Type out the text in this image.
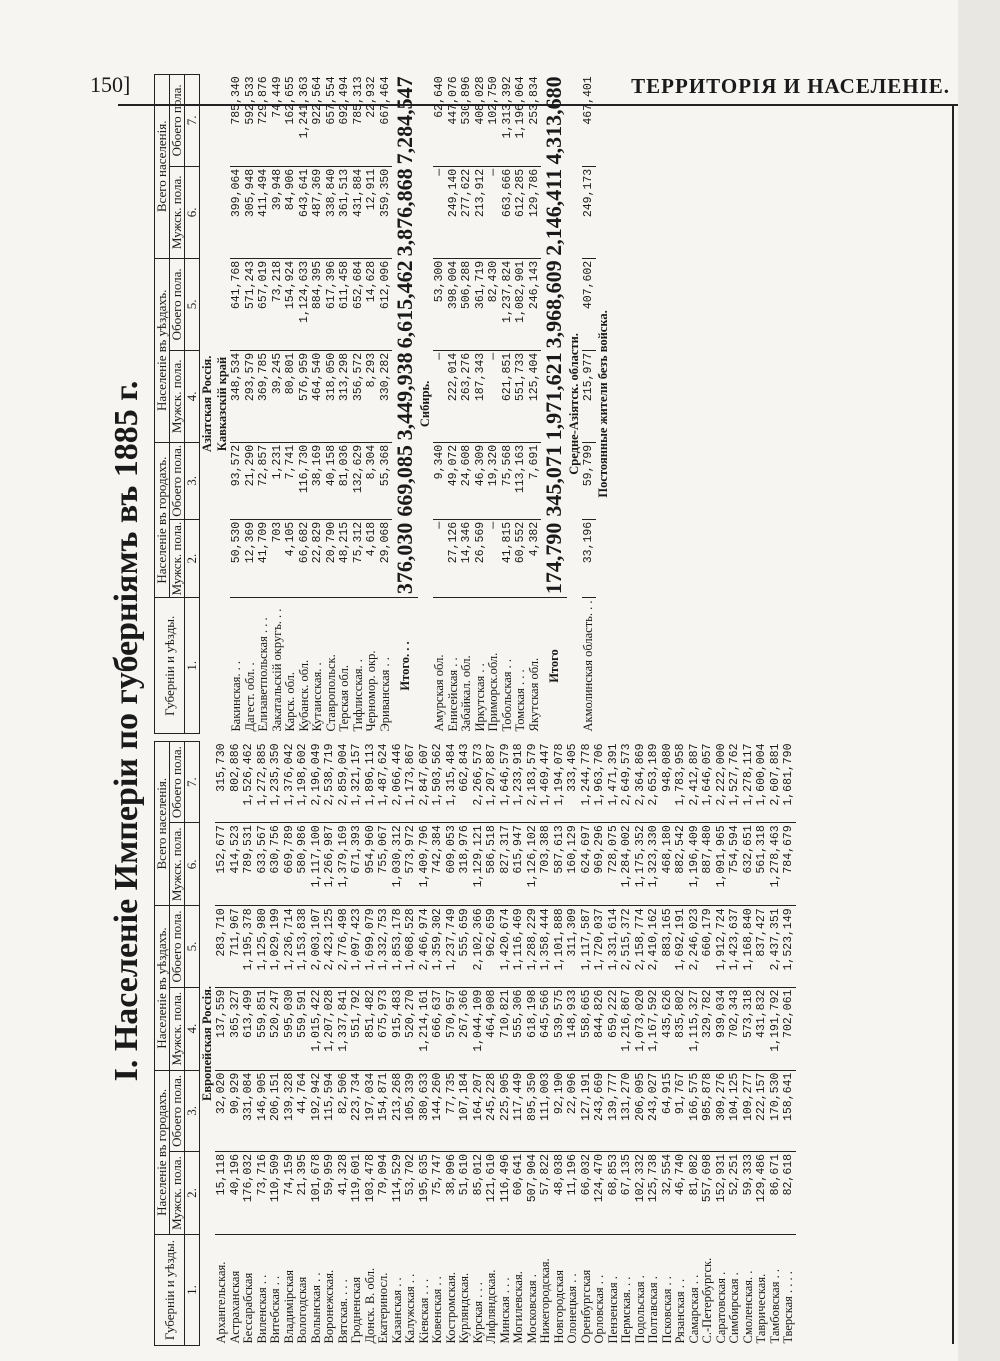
150]	ТЕРРИТОРІЯ И НАСЕЛЕНІЕ.
I. Населеніе Имперіи по губерніямъ въ 1885 г.
Губерніи и уѣзды.	Населеніе въ городахъ.		Населеніе въ уѣздахъ.		Всего населенія.	
	Мужск. пола.	Обоего пола.	Мужск. пола.	Обоего пола.	Мужск. пола.	Обоего пола.
1.	2.	3.	4.	5.	6.	7.
Европейская Россія.						
Архангельская.	15,118	32,020	137,559	283,710	152,677	315,730
Астраханская	40,196	90,929	365,327	711,967	414,523	802,886
Бессарабская	176,032	331,084	613,499	1,195,378	789,531	1,526,462
Виленская . .	73,716	146,905	559,851	1,125,980	633,567	1,272,885
Витебская . .	110,509	206,151	520,247	1,029,199	630,756	1,235,350
Владимірская	74,159	139,328	595,030	1,236,714	669,789	1,376,042
Вологодская	21,395	44,764	559,591	1,153,838	580,986	1,198,602
Волынская . .	101,678	192,942	1,015,422	2,003,107	1,117,100	2,196,049
Воронежская.	59,959	115,594	1,207,028	2,423,125	1,266,987	2,538,719
Вятская. . . .	41,328	82,506	1,337,841	2,776,498	1,379,169	2,859,004
Гродненская	119,601	223,734	551,792	1,097,423	671,393	1,321,157
Донск. В. обл.	103,478	197,034	851,482	1,699,079	954,960	1,896,113
Екатериносл.	79,094	154,871	675,973	1,332,753	755,067	1,487,624
Казанская . .	114,529	213,268	915,483	1,853,178	1,030,312	2,066,446
Калужская . .	53,702	105,339	520,270	1,068,528	573,972	1,173,867
Кіевская . . .	195,635	380,633	1,214,161	2,466,974	1,409,796	2,847,607
Ковенская . .	75,747	144,260	666,637	1,359,302	742,384	1,503,562
Костромская.	38,096	77,735	570,957	1,237,749	609,053	1,315,484
Курляндская.	51,610	107,184	267,366	555,659	318,976	662,843
Курская . . .	85,012	164,207	1,044,109	2,102,366	1,129,121	2,266,573
Лифляндская.	121,610	245,228	464,908	962,659	586,518	1,207,887
Минская . . .	116,496	225,905	710,821	1,420,674	827,317	1,646,579
Могилевская.	60,641	117,449	555,306	1,116,469	615,947	1,233,918
Московская .	507,904	895,350	618,198	1,288,229	1,126,102	2,183,579
Нижегородская.	57,822	111,003	645,566	1,358,444	703,388	1,469,447
Новгородская	48,038	92,190	539,575	1,101,888	587,613	1,194,078
Олонецкая . .	11,196	22,096	148,933	311,309	160,129	333,405
Оренбургская	66,032	127,191	558,665	1,117,587	624,697	1,244,778
Орловская . .	124,470	243,669	844,826	1,720,037	969,296	1,963,706
Пензенская .	68,853	139,777	659,222	1,331,614	728,075	1,471,391
Пермская. . .	67,135	131,270	1,216,867	2,515,372	1,284,002	2,649,573
Подольская .	102,332	206,095	1,073,020	2,158,774	1,175,352	2,364,869
Полтавская .	125,738	243,027	1,167,592	2,410,162	1,323,330	2,653,189
Псковская . .	32,554	64,915	435,626	883,165	468,180	948,080
Рязанская . .	46,740	91,767	835,802	1,692,191	882,542	1,783,958
Самарская . .	81,082	166,575	1,115,327	2,246,023	1,196,409	2,412,887
С.-Петербургск.	557,698	985,878	329,782	660,179	887,480	1,646,057
Саратовская .	152,931	309,276	939,034	1,912,724	1,091,965	2,222,000
Симбирская .	52,251	104,125	702,343	1,423,637	754,594	1,527,762
Смоленская. .	59,333	109,277	573,318	1,168,840	632,651	1,278,117
Таврическая.	129,486	222,157	431,832	837,427	561,318	1,600,004
Тамбовская . .	86,671	170,530	1,191,792	2,437,351	1,278,463	2,607,881
Тверская . . . .	82,618	158,641	702,061	1,523,149	784,679	1,681,790
Губерніи и уѣзды.	Населеніе въ городахъ.		Населеніе въ уѣздахъ.		Всего населенія.	
	Мужск. пола.	Обоего пола.	Мужск. пола.	Обоего пола.	Мужск. пола.	Обоего пола.
1.	2.	3.	4.	5.	6.	7.
Азіатская Россія.						
Кавказскій край						
Бакинская. . .	50,530	93,572	348,534	641,768	399,064	785,340
Дагест. обл. .	12,369	21,290	293,579	571,243	305,948	592,533
Елизаветпольская . . .	41,709	72,857	369,785	657,019	411,494	729,876
Закатальскій округъ. . .	703	1,231	39,245	73,218	39,948	74,449
Карск. обл.	4,105	7,741	80,801	154,924	84,906	162,655
Кубанск. обл.	66,682	116,730	576,959	1,124,633	643,641	1,241,363
Кутаисская. .	22,829	38,169	464,540	884,395	487,369	922,564
Ставропольск.	20,790	40,158	318,050	617,396	338,840	657,554
Терская обл.	48,215	81,036	313,298	611,458	361,513	692,494
Тифлисская. .	75,312	132,629	356,572	652,684	431,884	785,313
Черномор. окр.	4,618	8,304	8,293	14,628	12,911	22,932
Эриванская . .	29,068	55,368	330,282	612,096	359,350	667,464
Итого. . .	376,030	669,085	3,449,938	6,615,462	3,876,868	7,284,547
Сибирь.						
Амурская обл.	—	9,340	—	53,300	—	62,640
Енисейская . .	27,126	49,072	222,014	398,004	249,140	447,076
Забайкал. обл.	14,346	24,608	263,276	506,288	277,622	530,896
Иркутская . .	26,569	46,309	187,343	361,719	213,912	408,028
Приморск.обл.	—	19,320	—	82,430	—	102,750
Тобольская . .	41,815	75,568	621,851	1,237,824	663,666	1,313,392
Томская . . .	60,552	113,163	551,733	1,082,901	612,285	1,196,064
Якутская обл.	4,382	7,691	125,404	246,143	129,786	253,834
Итого	174,790	345,071	1,971,621	3,968,609	2,146,411	4,313,680
Средне-Азіятск. области.						
Акмолинская область. . .	33,196	59,799	215,977	407,602	249,173	467,401
Постоянные жители безъ войска.						
